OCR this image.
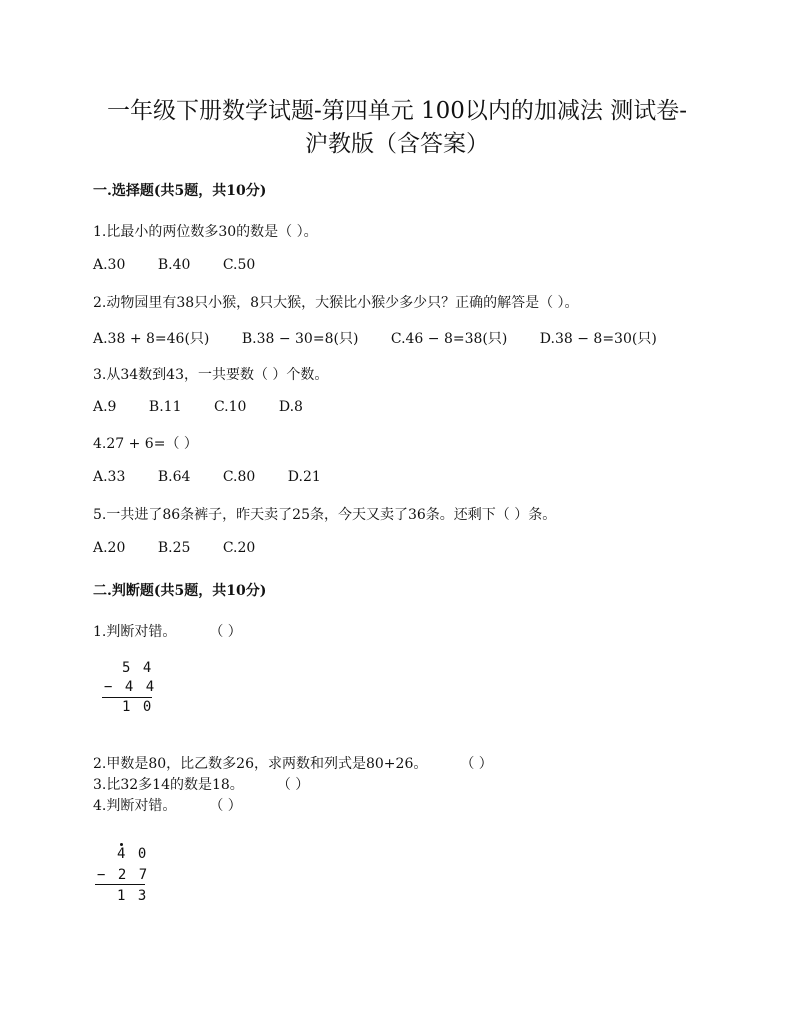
一年级下册数学试题-第四单元 100以内的加减法 测试卷-
沪教版（含答案）
一.选择题(共5题，共10分)
1.比最小的两位数多30的数是（ ）。
A.30 B.40 C.50
2.动物园里有38只小猴，8只大猴，大猴比小猴少多少只？正确的解答是（ ）。
A.38 + 8=46(只) B.38 − 30=8(只) C.46 − 8=38(只) D.38 − 8=30(只)
3.从34数到43，一共要数（ ）个数。
A.9 B.11 C.10 D.8
4.27 + 6=（ ）
A.33 B.64 C.80 D.21
5.一共进了86条裤子，昨天卖了25条，今天又卖了36条。还剩下（ ）条。
A.20 B.25 C.20
二.判断题(共5题，共10分)
1.判断对错。	（ ）
5 4
− 4 4
1 0
2.甲数是80，比乙数多26，求两数和列式是80+26。	（ ）
3.比32多14的数是18。	（ ）
4.判断对错。	（ ）
4 0
− 2 7
1 3
